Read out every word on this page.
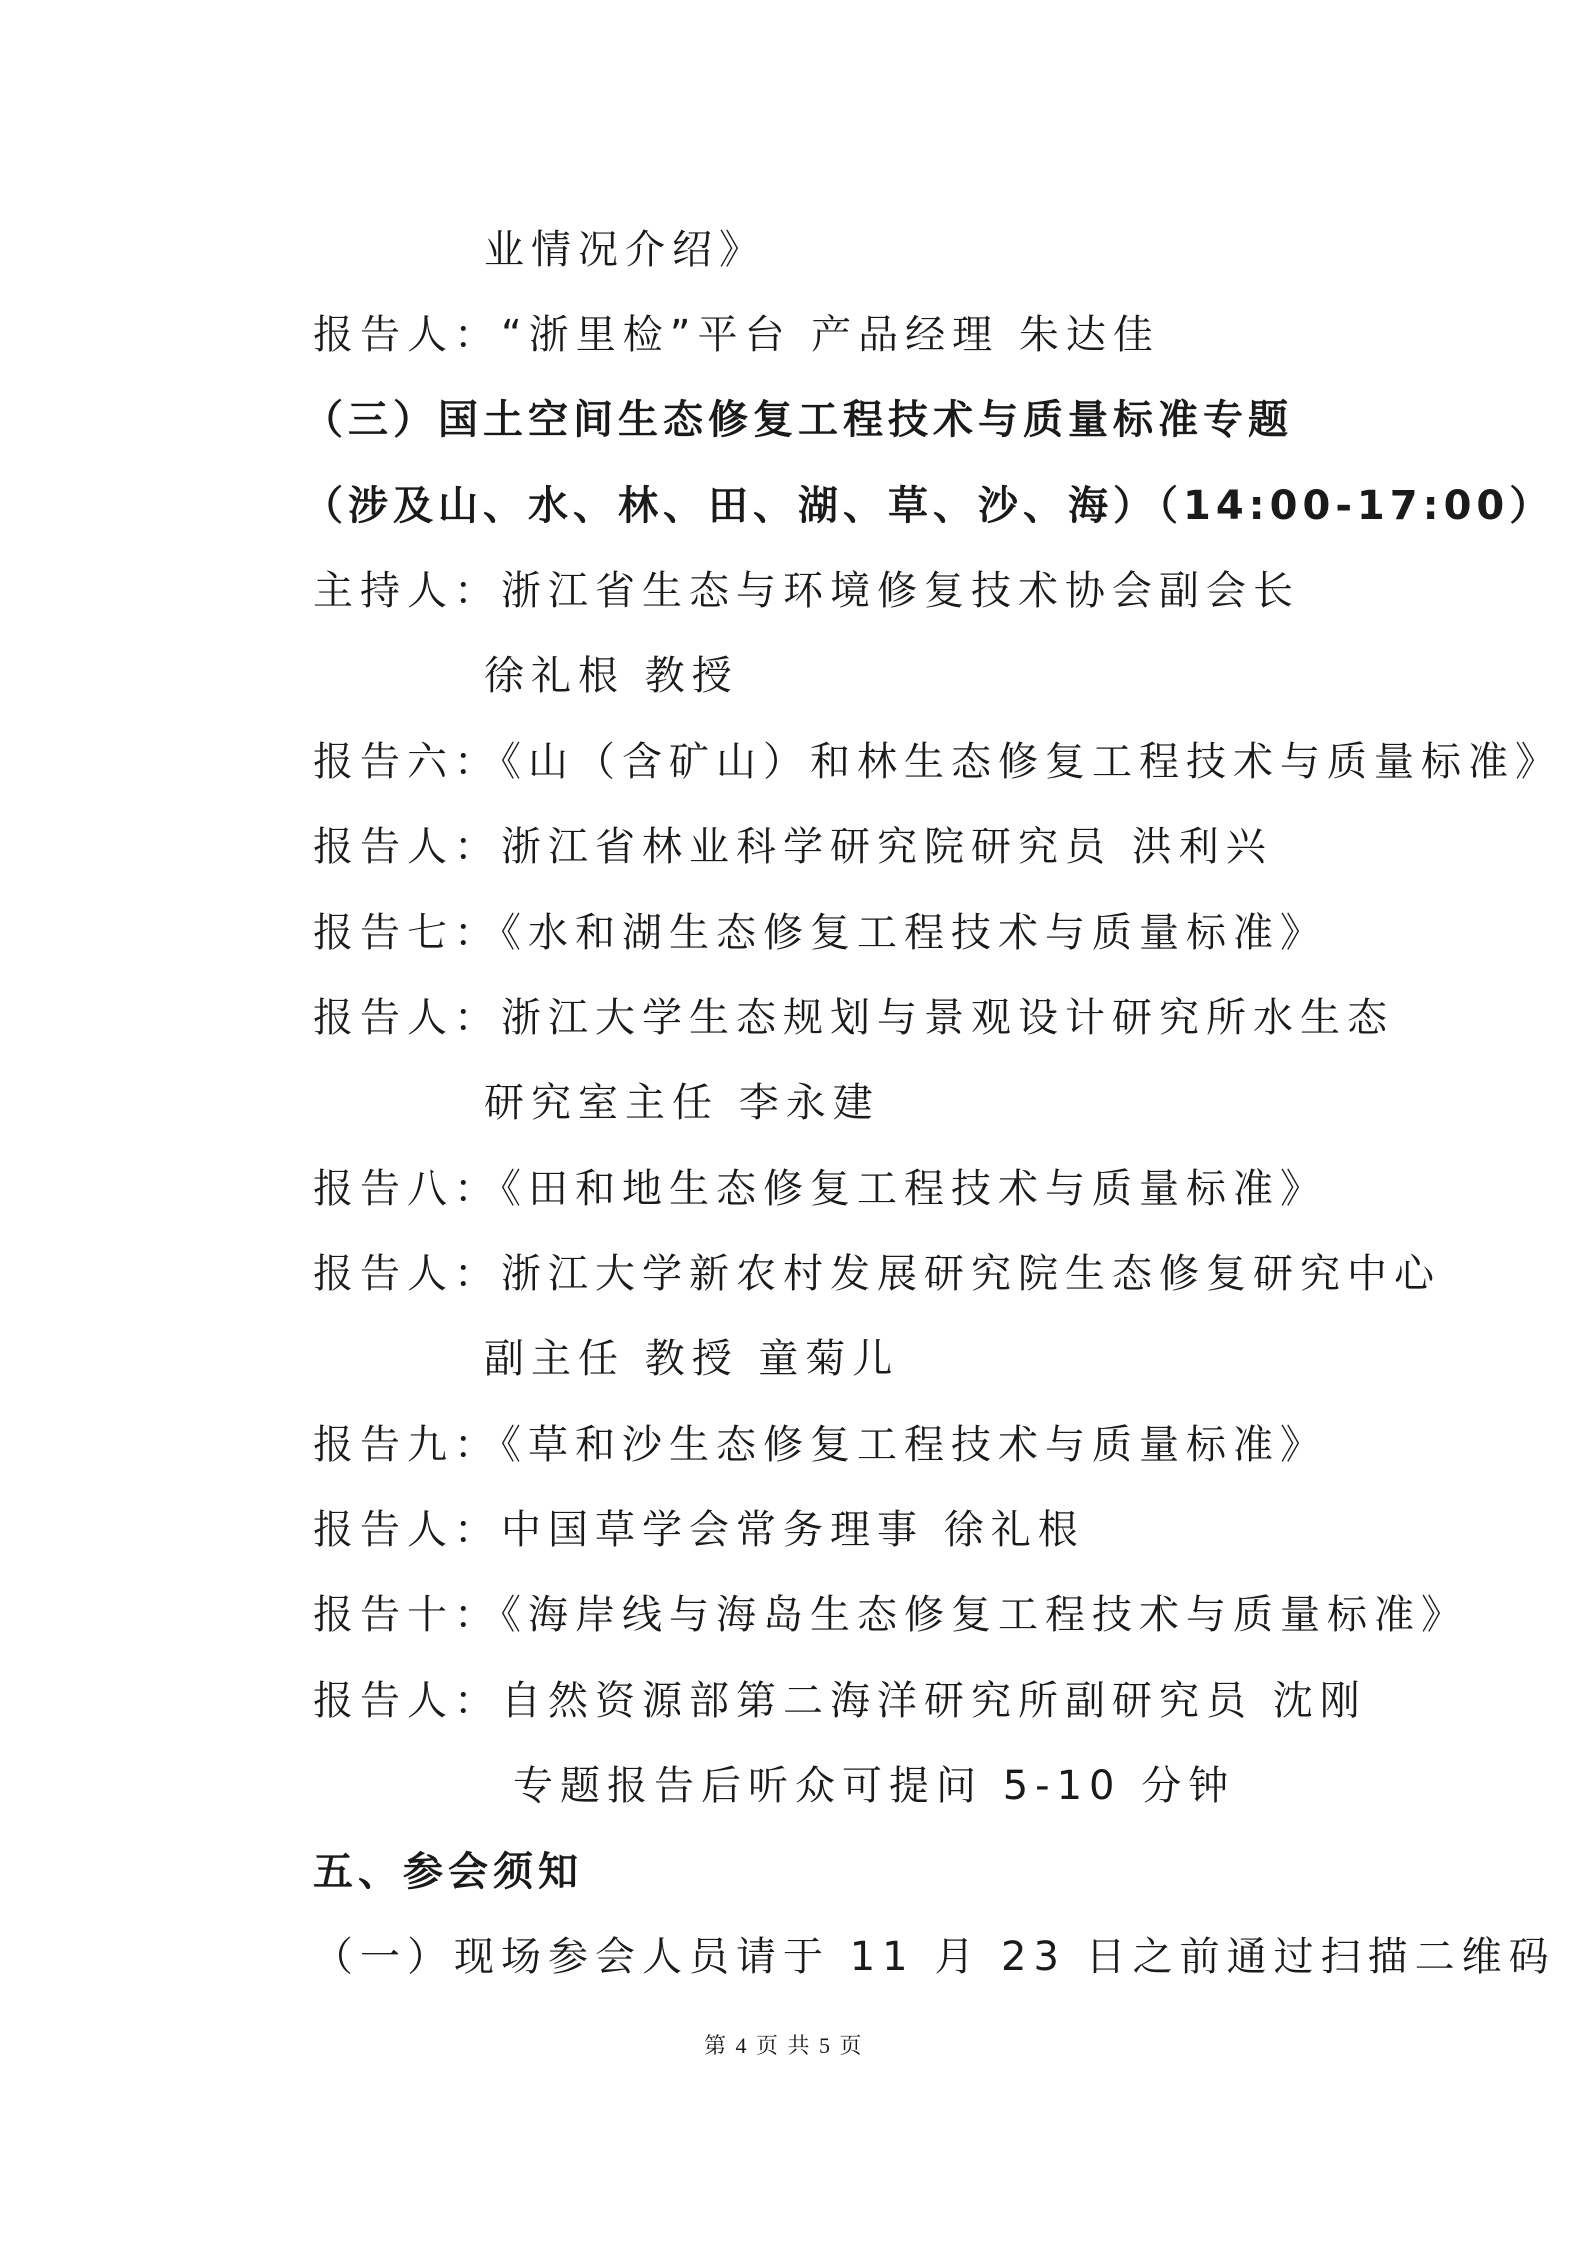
业情况介绍》
报告人：“浙里检”平台 产品经理 朱达佳
（三）国土空间生态修复工程技术与质量标准专题
（涉及山、水、林、田、湖、草、沙、海）（14:00-17:00）
主持人：浙江省生态与环境修复技术协会副会长
徐礼根 教授
报告六：《山（含矿山）和林生态修复工程技术与质量标准》
报告人：浙江省林业科学研究院研究员 洪利兴
报告七：《水和湖生态修复工程技术与质量标准》
报告人：浙江大学生态规划与景观设计研究所水生态
研究室主任 李永建
报告八：《田和地生态修复工程技术与质量标准》
报告人：浙江大学新农村发展研究院生态修复研究中心
副主任 教授 童菊儿
报告九：《草和沙生态修复工程技术与质量标准》
报告人：中国草学会常务理事 徐礼根
报告十：《海岸线与海岛生态修复工程技术与质量标准》
报告人：自然资源部第二海洋研究所副研究员 沈刚
专题报告后听众可提问 5-10 分钟
五、参会须知
（一）现场参会人员请于 11 月 23 日之前通过扫描二维码
第 4 页 共 5 页
